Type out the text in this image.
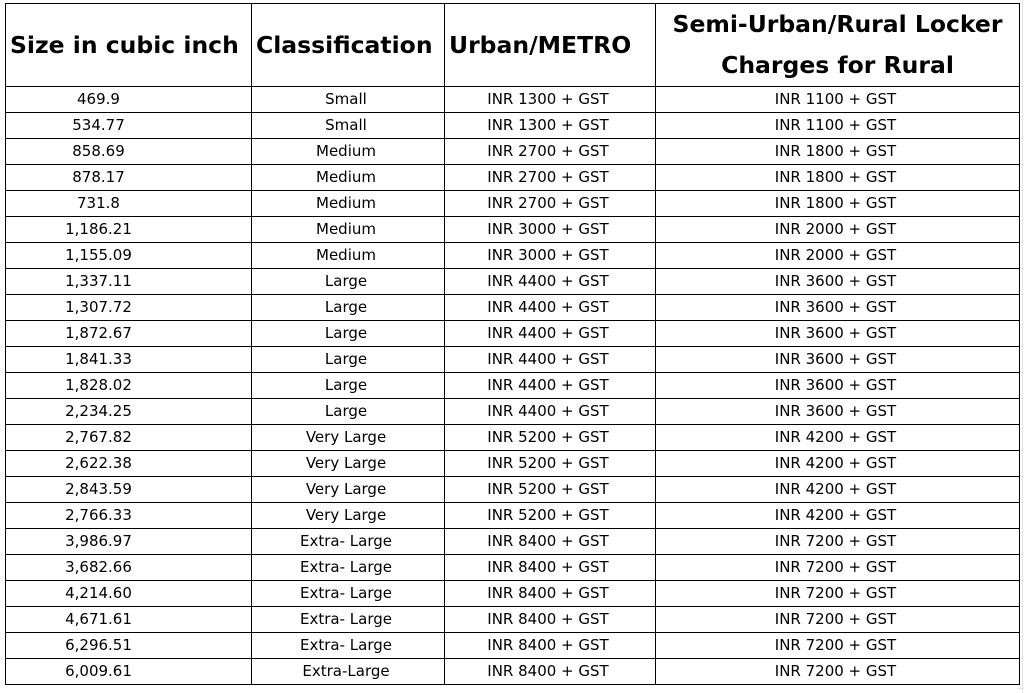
Size in cubic inch	Classification	Urban/METRO	Semi-Urban/Rural Locker Charges for Rural
469.9	Small	INR 1300 + GST	INR 1100 + GST
534.77	Small	INR 1300 + GST	INR 1100 + GST
858.69	Medium	INR 2700 + GST	INR 1800 + GST
878.17	Medium	INR 2700 + GST	INR 1800 + GST
731.8	Medium	INR 2700 + GST	INR 1800 + GST
1,186.21	Medium	INR 3000 + GST	INR 2000 + GST
1,155.09	Medium	INR 3000 + GST	INR 2000 + GST
1,337.11	Large	INR 4400 + GST	INR 3600 + GST
1,307.72	Large	INR 4400 + GST	INR 3600 + GST
1,872.67	Large	INR 4400 + GST	INR 3600 + GST
1,841.33	Large	INR 4400 + GST	INR 3600 + GST
1,828.02	Large	INR 4400 + GST	INR 3600 + GST
2,234.25	Large	INR 4400 + GST	INR 3600 + GST
2,767.82	Very Large	INR 5200 + GST	INR 4200 + GST
2,622.38	Very Large	INR 5200 + GST	INR 4200 + GST
2,843.59	Very Large	INR 5200 + GST	INR 4200 + GST
2,766.33	Very Large	INR 5200 + GST	INR 4200 + GST
3,986.97	Extra- Large	INR 8400 + GST	INR 7200 + GST
3,682.66	Extra- Large	INR 8400 + GST	INR 7200 + GST
4,214.60	Extra- Large	INR 8400 + GST	INR 7200 + GST
4,671.61	Extra- Large	INR 8400 + GST	INR 7200 + GST
6,296.51	Extra- Large	INR 8400 + GST	INR 7200 + GST
6,009.61	Extra-Large	INR 8400 + GST	INR 7200 + GST
